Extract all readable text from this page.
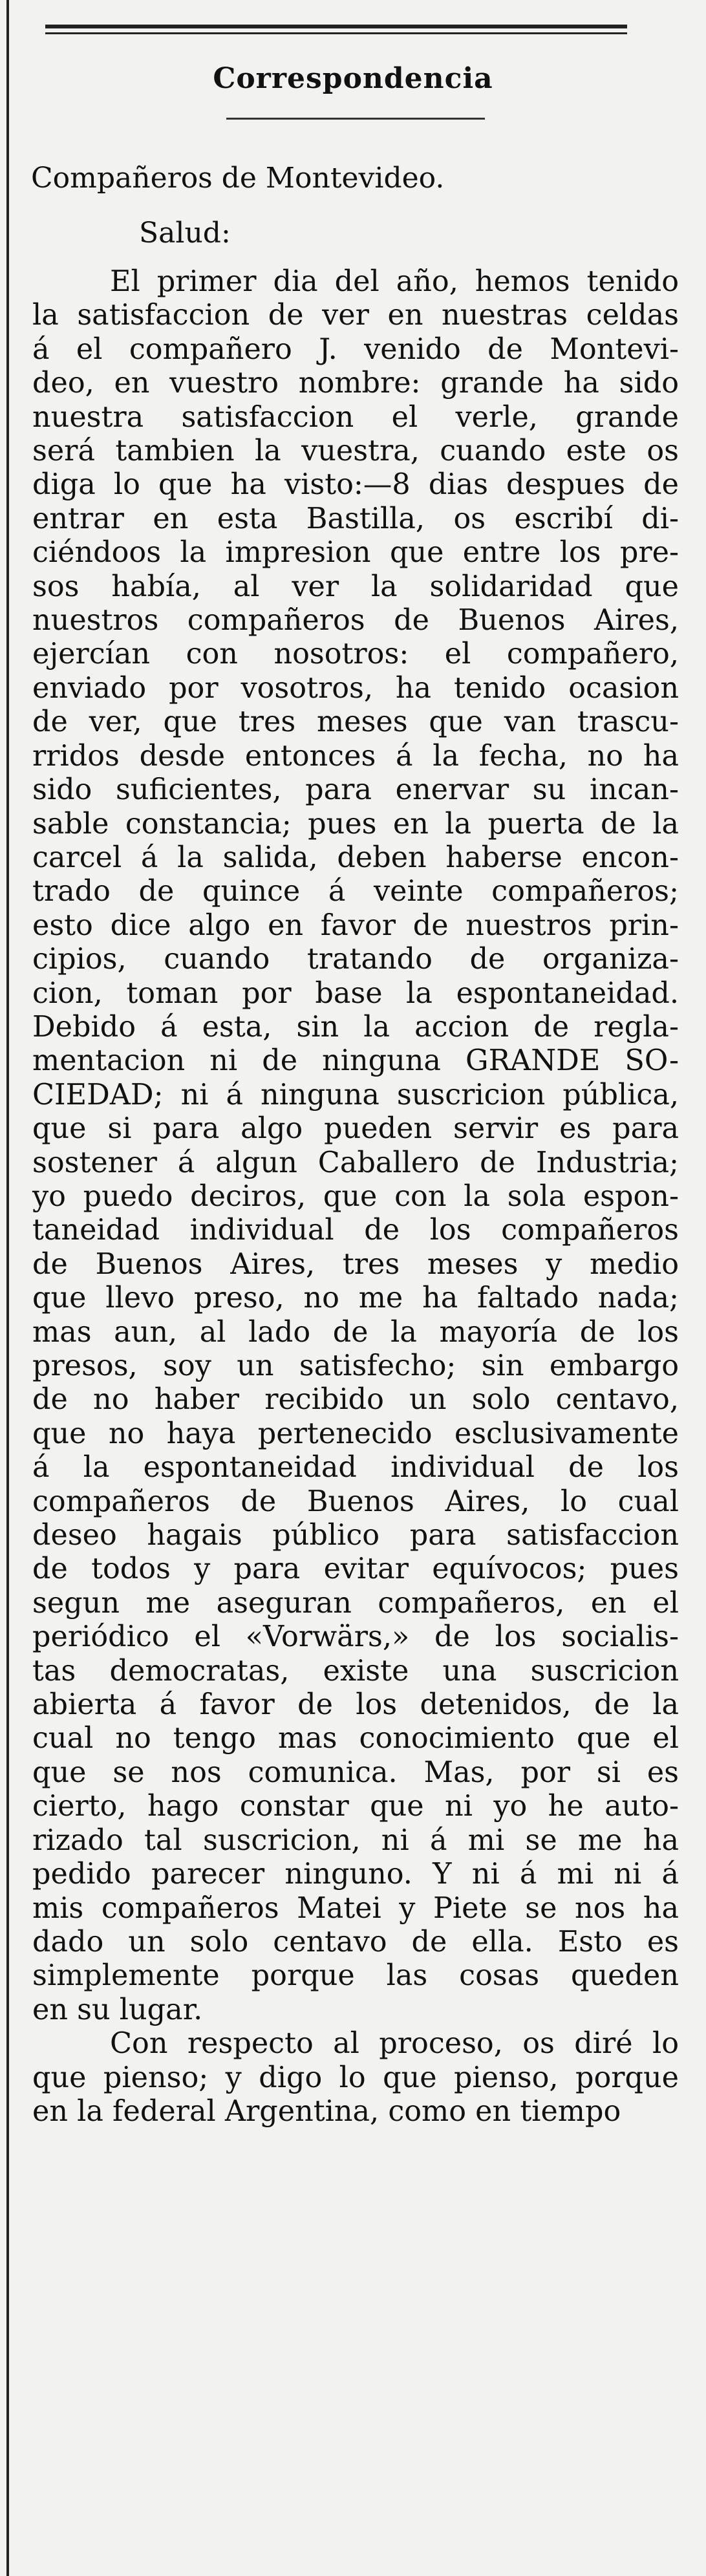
Correspondencia
Compañeros de Montevideo.
Salud:
El primer dia del año, hemos tenido
la satisfaccion de ver en nuestras celdas
á el compañero J. venido de Montevi-
deo, en vuestro nombre: grande ha sido
nuestra satisfaccion el verle, grande
será tambien la vuestra, cuando este os
diga lo que ha visto:—8 dias despues de
entrar en esta Bastilla, os escribí di-
ciéndoos la impresion que entre los pre-
sos había, al ver la solidaridad que
nuestros compañeros de Buenos Aires,
ejercían con nosotros: el compañero,
enviado por vosotros, ha tenido ocasion
de ver, que tres meses que van trascu-
rridos desde entonces á la fecha, no ha
sido suficientes, para enervar su incan-
sable constancia; pues en la puerta de la
carcel á la salida, deben haberse encon-
trado de quince á veinte compañeros;
esto dice algo en favor de nuestros prin-
cipios, cuando tratando de organiza-
cion, toman por base la espontaneidad.
Debido á esta, sin la accion de regla-
mentacion ni de ninguna GRANDE SO-
CIEDAD; ni á ninguna suscricion pública,
que si para algo pueden servir es para
sostener á algun Caballero de Industria;
yo puedo deciros, que con la sola espon-
taneidad individual de los compañeros
de Buenos Aires, tres meses y medio
que llevo preso, no me ha faltado nada;
mas aun, al lado de la mayoría de los
presos, soy un satisfecho; sin embargo
de no haber recibido un solo centavo,
que no haya pertenecido esclusivamente
á la espontaneidad individual de los
compañeros de Buenos Aires, lo cual
deseo hagais público para satisfaccion
de todos y para evitar equívocos; pues
segun me aseguran compañeros, en el
periódico el «Vorwärs,» de los socialis-
tas democratas, existe una suscricion
abierta á favor de los detenidos, de la
cual no tengo mas conocimiento que el
que se nos comunica. Mas, por si es
cierto, hago constar que ni yo he auto-
rizado tal suscricion, ni á mi se me ha
pedido parecer ninguno. Y ni á mi ni á
mis compañeros Matei y Piete se nos ha
dado un solo centavo de ella. Esto es
simplemente porque las cosas queden
en su lugar.
Con respecto al proceso, os diré lo
que pienso; y digo lo que pienso, porque
en la federal Argentina, como en tiempo
